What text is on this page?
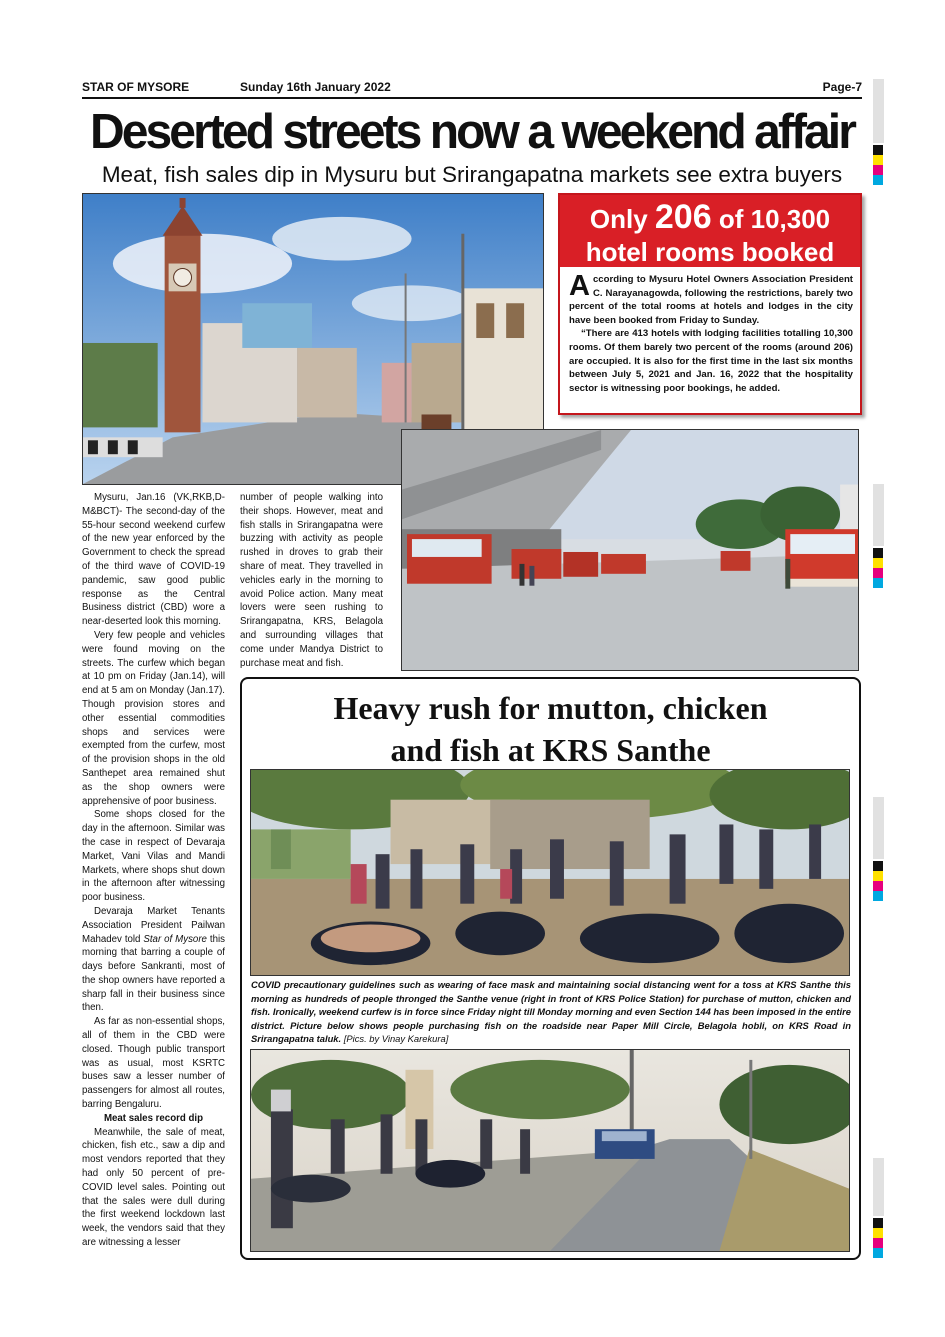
STAR OF MYSORE	Sunday 16th January 2022	Page-7
Deserted streets now a weekend affair
Meat, fish sales dip in Mysuru but Srirangapatna markets see extra buyers
Only 206 of 10,300
hotel rooms booked

According to Mysuru Hotel Owners Association President C. Narayanagowda, following the restrictions, barely two percent of the total rooms at hotels and lodges in the city have been booked from Friday to Sunday.

“There are 413 hotels with lodging facilities totalling 10,300 rooms. Of them barely two percent of the rooms (around 206) are occupied. It is also for the first time in the last six months between July 5, 2021 and Jan. 16, 2022 that the hospitality sector is witnessing poor bookings, he added.

Mysuru, Jan.16 (VK,RKB,D-M&BCT)- The second-day of the 55-hour second weekend curfew of the new year enforced by the Government to check the spread of the third wave of COVID-19 pandemic, saw good public response as the Central Business district (CBD) wore a near-deserted look this morning.

Very few people and vehicles were found moving on the streets. The curfew which began at 10 pm on Friday (Jan.14), will end at 5 am on Monday (Jan.17). Though provision stores and other essential commodities shops and services were exempted from the curfew, most of the provision shops in the old Santhepet area remained shut as the shop owners were apprehensive of poor business.

Some shops closed for the day in the afternoon. Similar was the case in respect of Devaraja Market, Vani Vilas and Mandi Markets, where shops shut down in the afternoon after witnessing poor business.

Devaraja Market Tenants Association President Pailwan Mahadev told Star of Mysore this morning that barring a couple of days before Sankranti, most of the shop owners have reported a sharp fall in their business since then.

As far as non-essential shops, all of them in the CBD were closed. Though public transport was as usual, most KSRTC buses saw a lesser number of passengers for almost all routes, barring Bengaluru.

Meat sales record dip

Meanwhile, the sale of meat, chicken, fish etc., saw a dip and most vendors reported that they had only 50 percent of pre-COVID level sales. Pointing out that the sales were dull during the first weekend lockdown last week, the vendors said that they are witnessing a lesser

number of people walking into their shops. However, meat and fish stalls in Srirangapatna were buzzing with activity as people rushed in droves to grab their share of meat. They travelled in vehicles early in the morning to avoid Police action. Many meat lovers were seen rushing to Srirangapatna, KRS, Belagola and surrounding villages that come under Mandya District to purchase meat and fish.

Heavy rush for mutton, chicken
and fish at KRS Santhe
COVID precautionary guidelines such as wearing of face mask and maintaining social distancing went for a toss at KRS Santhe this morning as hundreds of people thronged the Santhe venue (right in front of KRS Police Station) for purchase of mutton, chicken and fish. Ironically, weekend curfew is in force since Friday night till Monday morning and even Section 144 has been imposed in the entire district. Picture below shows people purchasing fish on the roadside near Paper Mill Circle, Belagola hobli, on KRS Road in Srirangapatna taluk. [Pics. by Vinay Karekura]
